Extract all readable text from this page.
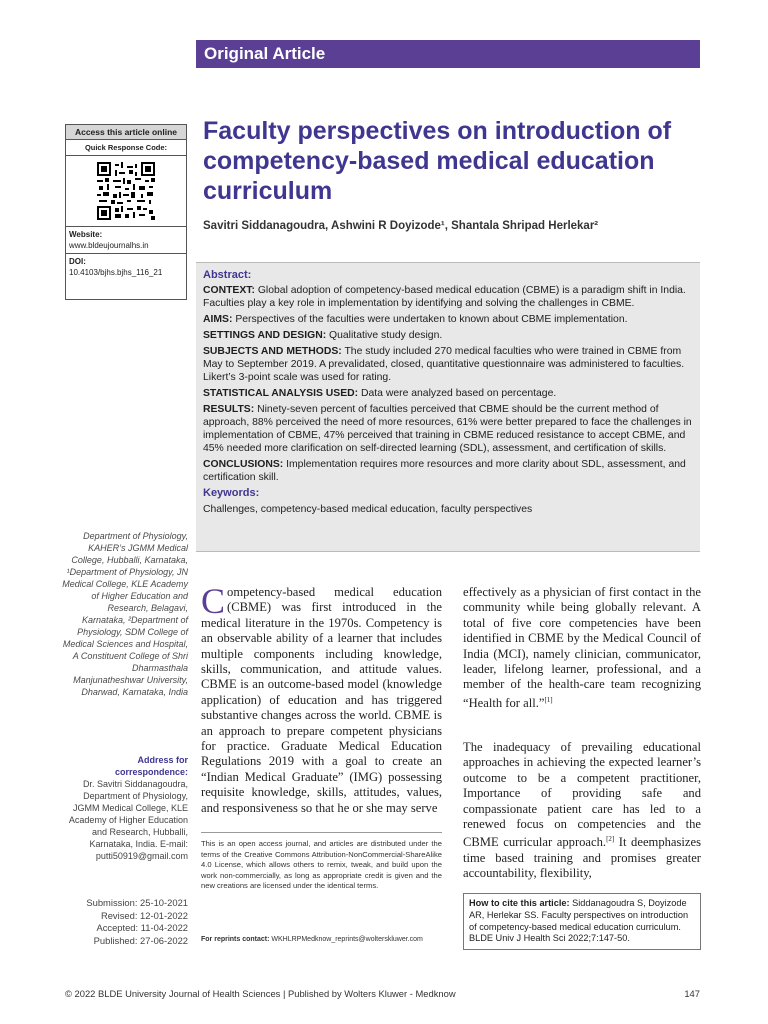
Original Article
Access this article online
Quick Response Code:
Website:
www.bldeujournalhs.in
DOI:
10.4103/bjhs.bjhs_116_21
Faculty perspectives on introduction of competency-based medical education curriculum
Savitri Siddanagoudra, Ashwini R Doyizode¹, Shantala Shripad Herlekar²
Abstract:

CONTEXT: Global adoption of competency-based medical education (CBME) is a paradigm shift in India. Faculties play a key role in implementation by identifying and solving the challenges in CBME.

AIMS: Perspectives of the faculties were undertaken to known about CBME implementation.

SETTINGS AND DESIGN: Qualitative study design.

SUBJECTS AND METHODS: The study included 270 medical faculties who were trained in CBME from May to September 2019. A prevalidated, closed, quantitative questionnaire was administered to faculties. Likert’s 3-point scale was used for rating.

STATISTICAL ANALYSIS USED: Data were analyzed based on percentage.

RESULTS: Ninety-seven percent of faculties perceived that CBME should be the current method of approach, 88% perceived the need of more resources, 61% were better prepared to face the challenges in implementation of CBME, 47% perceived that training in CBME reduced resistance to accept CBME, and 45% needed more clarification on self-directed learning (SDL), assessment, and certification of skills.

CONCLUSIONS: Implementation requires more resources and more clarity about SDL, assessment, and certification skill.

Keywords:

Challenges, competency-based medical education, faculty perspectives

Department of Physiology, KAHER’s JGMM Medical College, Hubballi, Karnataka, ¹Department of Physiology, JN Medical College, KLE Academy of Higher Education and Research, Belagavi, Karnataka, ²Department of Physiology, SDM College of Medical Sciences and Hospital, A Constituent College of Shri Dharmasthala Manjunatheshwar University, Dharwad, Karnataka, India
Address for correspondence:
Dr. Savitri Siddanagoudra, Department of Physiology, JGMM Medical College, KLE Academy of Higher Education and Research, Hubballi, Karnataka, India. E-mail: putti50919@gmail.com
Submission: 25-10-2021
Revised: 12-01-2022
Accepted: 11-04-2022
Published: 27-06-2022
Competency-based medical education (CBME) was first introduced in the medical literature in the 1970s. Competency is an observable ability of a learner that includes multiple components including knowledge, skills, communication, and attitude values. CBME is an outcome-based model (knowledge application) of education and has triggered substantive changes across the world. CBME is an approach to prepare competent physicians for practice. Graduate Medical Education Regulations 2019 with a goal to create an “Indian Medical Graduate” (IMG) possessing requisite knowledge, skills, attitudes, values, and responsiveness so that he or she may serve
effectively as a physician of first contact in the community while being globally relevant. A total of five core competencies have been identified in CBME by the Medical Council of India (MCI), namely clinician, communicator, leader, lifelong learner, professional, and a member of the health-care team recognizing “Health for all.”[1]
The inadequacy of prevailing educational approaches in achieving the expected learner’s outcome to be a competent practitioner, Importance of providing safe and compassionate patient care has led to a renewed focus on competencies and the CBME curricular approach.[2] It deemphasizes time based training and promises greater accountability, flexibility,
This is an open access journal, and articles are distributed under the terms of the Creative Commons Attribution-NonCommercial-ShareAlike 4.0 License, which allows others to remix, tweak, and build upon the work non-commercially, as long as appropriate credit is given and the new creations are licensed under the identical terms.
For reprints contact: WKHLRPMedknow_reprints@wolterskluwer.com
How to cite this article: Siddanagoudra S, Doyizode AR, Herlekar SS. Faculty perspectives on introduction of competency-based medical education curriculum. BLDE Univ J Health Sci 2022;7:147-50.
© 2022 BLDE University Journal of Health Sciences | Published by Wolters Kluwer - Medknow	147
